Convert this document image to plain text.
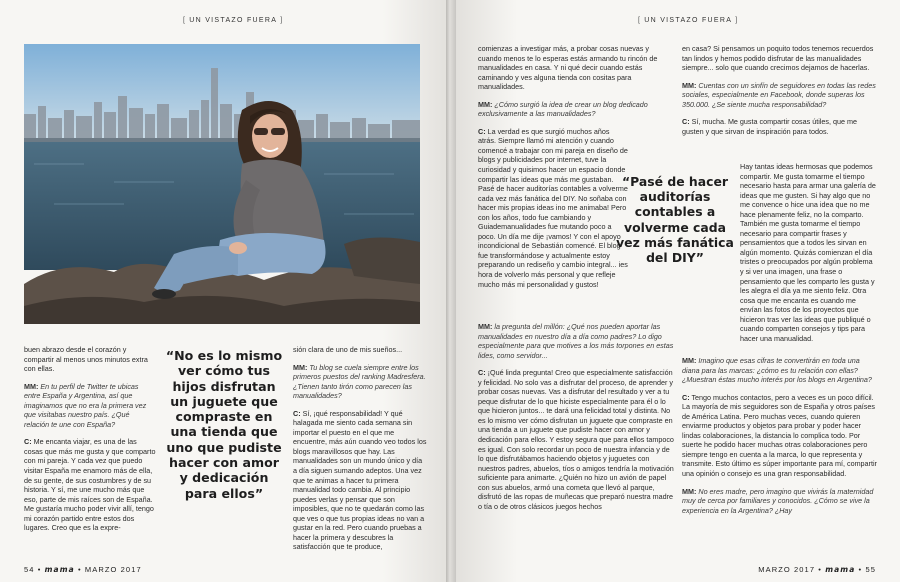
[ UN VISTAZO FUERA ]

buen abrazo desde el corazón y compartir al menos unos minutos extra con ellas.

MM: En tu perfil de Twitter te ubicas entre España y Argentina, así que imaginamos que no era la primera vez que visitabas nuestro país. ¿Qué relación te une con España?

C: Me encanta viajar, es una de las cosas que más me gusta y que comparto con mi pareja. Y cada vez que puedo visitar España me enamoro más de ella, de su gente, de sus costumbres y de su historia. Y sí, me une mucho más que eso, parte de mis raíces son de España. Me gustaría mucho poder vivir allí, tengo mi corazón partido entre estos dos lugares. Creo que es la expre-

“No es lo mismo ver cómo tus hijos disfrutan un juguete que compraste en una tienda que uno que pudiste hacer con amor y dedicación para ellos”

sión clara de uno de mis sueños...

MM: Tu blog se cuela siempre entre los primeros puestos del ranking Madresfera. ¿Tienen tanto tirón como parecen las manualidades?

C: Sí, ¡qué responsabilidad! Y qué halagada me siento cada semana sin importar el puesto en el que me encuentre, más aún cuando veo todos los blogs maravillosos que hay. Las manualidades son un mundo único y día a día siguen sumando adeptos. Una vez que te animas a hacer tu primera manualidad todo cambia. Al principio puedes verlas y pensar que son imposibles, que no te quedarán como las que ves o que tus propias ideas no van a gustar en la red. Pero cuando pruebas a hacer la primera y descubres la satisfacción que te produce,

54 • mama • MARZO 2017
[ UN VISTAZO FUERA ]

comienzas a investigar más, a probar cosas nuevas y cuando menos te lo esperas estás armando tu rincón de manualidades en casa. Y ni qué decir cuando estás caminando y ves alguna tienda con cositas para manualidades.

MM: ¿Cómo surgió la idea de crear un blog dedicado exclusivamente a las manualidades?

C: La verdad es que surgió muchos años atrás. Siempre llamó mi atención y cuando comencé a trabajar con mi pareja en diseño de blogs y publicidades por internet, tuve la curiosidad y quisimos hacer un espacio donde compartir las ideas que más me gustaban. Pasé de hacer auditorías contables a volverme cada vez más fanática del DIY. No soñaba con hacer mis propias ideas ino me animaba! Pero con los años, todo fue cambiando y Guiademanualidades fue mutando poco a poco. Un día me dije ¡vamos! Y con el apoyo incondicional de Sebastián comencé. El blog fue transformándose y actualmente estoy preparando un rediseño y cambio integral... ies hora de volverlo más personal y que refleje mucho más mi personalidad y gustos!

MM: la pregunta del millón: ¿Qué nos pueden aportar las manualidades en nuestro día a día como padres? Lo digo especialmente para que motives a los más torpones en estas lides, como servidor...

C: ¡Qué linda pregunta! Creo que especialmente satisfacción y felicidad. No solo vas a disfrutar del proceso, de aprender y probar cosas nuevas. Vas a disfrutar del resultado y ver a tu peque disfrutar de lo que hiciste especialmente para él o lo que hicieron juntos... te dará una felicidad total y distinta. No es lo mismo ver cómo disfrutan un juguete que compraste en una tienda a un juguete que pudiste hacer con amor y dedicación para ellos. Y estoy segura que para ellos tampoco es igual. Con solo recordar un poco de nuestra infancia y de lo que disfrutábamos haciendo objetos y juguetes con nuestros padres, abuelos, tíos o amigos tendría la motivación suficiente para animarte. ¿Quién no hizo un avión de papel con sus abuelos, armó una cometa que llevó al parque, disfrutó de las ropas de muñecas que preparó nuestra madre o tía o de otros clásicos juegos hechos

en casa? Si pensamos un poquito todos tenemos recuerdos tan lindos y hemos podido disfrutar de las manualidades siempre... solo que cuando crecimos dejamos de hacerlas.

MM: Cuentas con un sinfín de seguidores en todas las redes sociales, especialmente en Facebook, donde superas los 350.000. ¿Se siente mucha responsabilidad?

C: Sí, mucha. Me gusta compartir cosas útiles, que me gusten y que sirvan de inspiración para todos.

Hay tantas ideas hermosas que podemos compartir. Me gusta tomarme el tiempo necesario hasta para armar una galería de ideas que me gusten. Si hay algo que no me convence o hice una idea que no me hace plenamente feliz, no la comparto. También me gusta tomarme el tiempo necesario para compartir frases y pensamientos que a todos les sirvan en algún momento. Quizás comienzan el día tristes o preocupados por algún problema y si ver una imagen, una frase o pensamiento que les comparto les gusta y les alegra el día ya me siento feliz. Otra cosa que me encanta es cuando me envían las fotos de los proyectos que hicieron tras ver las ideas que publiqué o cuando comparten consejos y tips para hacer una manualidad.

MM: Imagino que esas cifras te convertirán en toda una diana para las marcas: ¿cómo es tu relación con ellas? ¿Muestran éstas mucho interés por los blogs en Argentina?

C: Tengo muchos contactos, pero a veces es un poco difícil. La mayoría de mis seguidores son de España y otros países de América Latina. Pero muchas veces, cuando quieren enviarme productos y objetos para probar y poder hacer lindas colaboraciones, la distancia lo complica todo. Por suerte he podido hacer muchas otras colaboraciones pero siempre tengo en cuenta a la marca, lo que representa y transmite. Esto último es súper importante para mí, compartir una opinión o consejo es una gran responsabilidad.

MM: No eres madre, pero imagino que vivirás la maternidad muy de cerca por familiares y conocidos. ¿Cómo se vive la experiencia en la Argentina? ¿Hay

MARZO 2017 • mama • 55
“Pasé de hacer auditorías contables a volverme cada vez más fanática del DIY”
